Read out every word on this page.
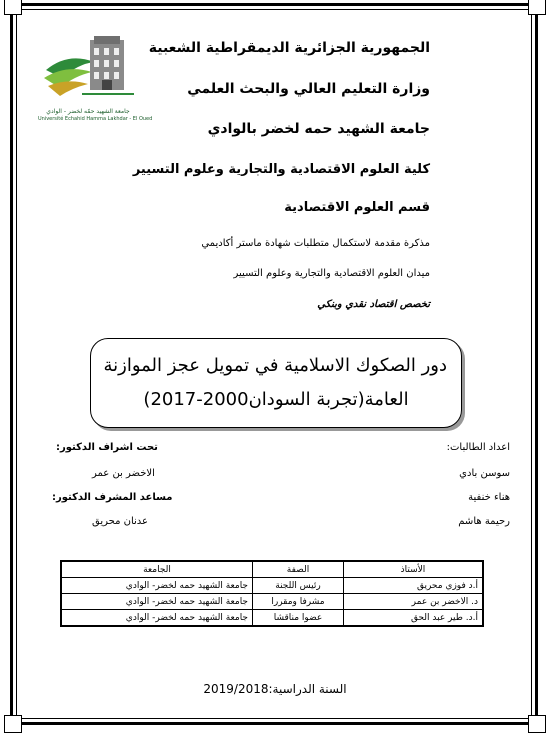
جامعة الشهيد حمّه لخضر - الوادي
Université Echahid Hamma Lakhdar - El Oued
الجمهورية الجزائرية الديمقراطية الشعبية
وزارة التعليم العالي والبحث العلمي
جامعة الشهيد حمه لخضر بالوادي
كلية العلوم الاقتصادية والتجارية وعلوم التسيير
قسم العلوم الاقتصادية
مذكرة مقدمة لاستكمال متطلبات شهادة ماستر أكاديمي
ميدان العلوم الاقتصادية والتجارية وعلوم التسيير
تخصص اقتصاد نقدي وبنكي
دور الصكوك الاسلامية في تمويل عجز الموازنة
العامة(تجربة السودان2000-2017)
اعداد الطالبات:
سوسن بادي
هناء خنفية
رحيمة هاشم
تحت اشراف الدكتور:
الاخضر بن عمر
مساعد المشرف الدكتور:
عدنان محريق
الأستاذ	الصفة	الجامعة
أ.د فوزي محريق	رئيس اللجنة	جامعة الشهيد حمه لخضر- الوادي
د. الاخضر بن عمر	مشرفا ومقررا	جامعة الشهيد حمه لخضر- الوادي
أ.د. طير عبد الحق	عضوا مناقشا	جامعة الشهيد حمه لخضر- الوادي
السنة الدراسية:2019/2018
